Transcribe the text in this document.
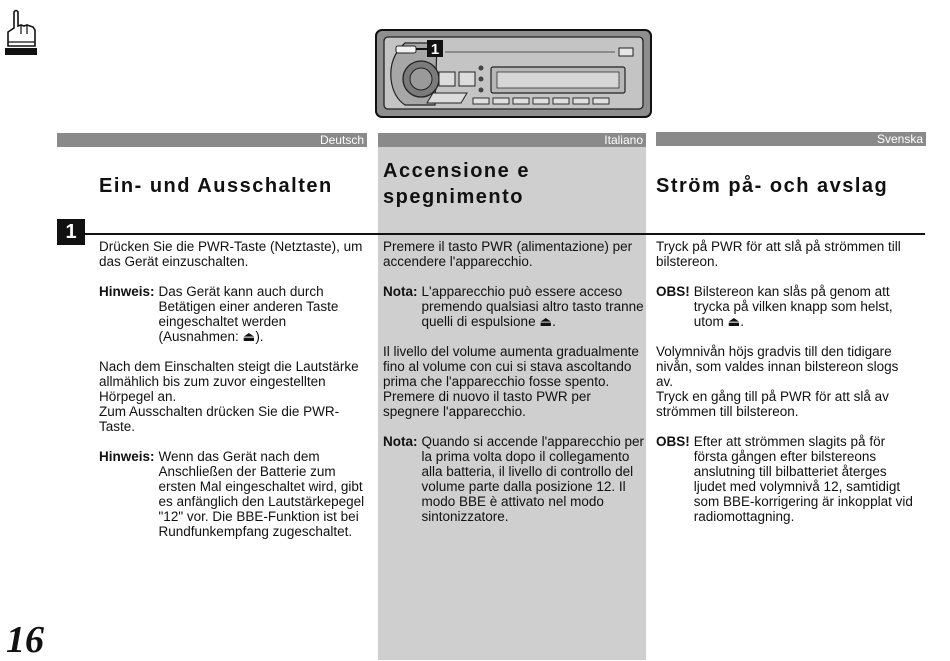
1
Deutsch	Italiano	Svenska
Ein- und Ausschalten
Accensione e spegnimento	Ström på- och avslag
1

Drücken Sie die PWR-Taste (Netztaste), um das Gerät einzuschalten.

Hinweis: Das Gerät kann auch durch Betätigen einer anderen Taste eingeschaltet werden (Ausnahmen: ⏏).

Nach dem Einschalten steigt die Lautstärke allmählich bis zum zuvor eingestellten Hörpegel an.
Zum Ausschalten drücken Sie die PWR-Taste.

Hinweis: Wenn das Gerät nach dem Anschließen der Batterie zum ersten Mal eingeschaltet wird, gibt es anfänglich den Lautstärkepegel "12" vor. Die BBE-Funktion ist bei Rundfunkempfang zugeschaltet.

Premere il tasto PWR (alimentazione) per accendere l'apparecchio.

Nota: L'apparecchio può essere acceso premendo qualsiasi altro tasto tranne quelli di espulsione ⏏.

Il livello del volume aumenta gradualmente fino al volume con cui si stava ascoltando prima che l'apparecchio fosse spento.
Premere di nuovo il tasto PWR per spegnere l'apparecchio.

Nota: Quando si accende l'apparecchio per la prima volta dopo il collegamento alla batteria, il livello di controllo del volume parte dalla posizione 12. Il modo BBE è attivato nel modo sintonizzatore.

Tryck på PWR för att slå på strömmen till bilstereon.

OBS! Bilstereon kan slås på genom att trycka på vilken knapp som helst, utom ⏏.

Volymnivån höjs gradvis till den tidigare nivån, som valdes innan bilstereon slogs av.
Tryck en gång till på PWR för att slå av strömmen till bilstereon.

OBS! Efter att strömmen slagits på för första gången efter bilstereons anslutning till bilbatteriet återges ljudet med volymnivå 12, samtidigt som BBE-korrigering är inkopplat vid radiomottagning.
16
